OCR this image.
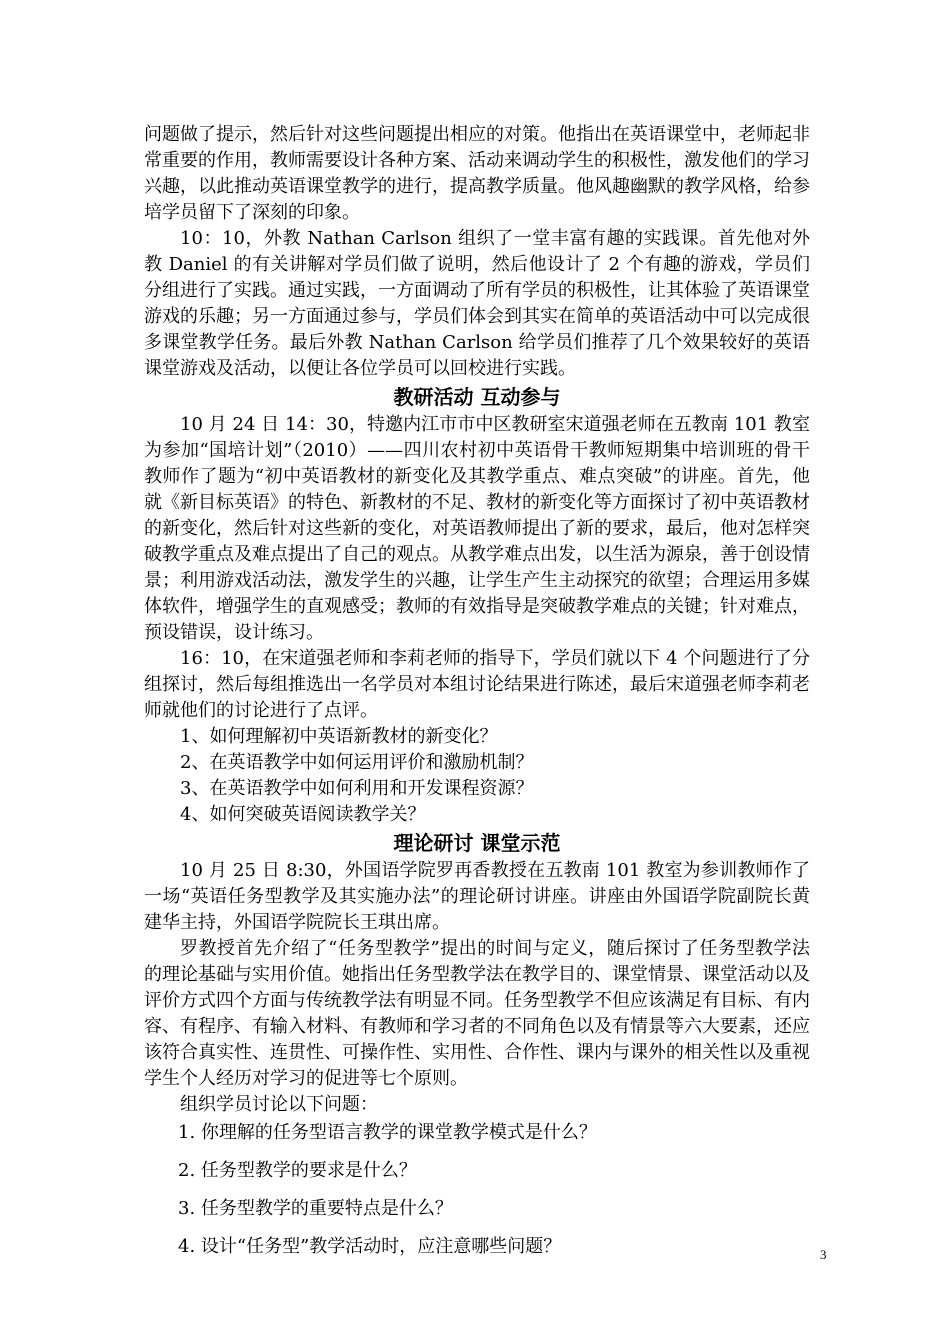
问题做了提示，然后针对这些问题提出相应的对策。他指出在英语课堂中，老师起非常重要的作用，教师需要设计各种方案、活动来调动学生的积极性，激发他们的学习兴趣，以此推动英语课堂教学的进行，提高教学质量。他风趣幽默的教学风格，给参培学员留下了深刻的印象。

10：10，外教 Nathan Carlson 组织了一堂丰富有趣的实践课。首先他对外教 Daniel 的有关讲解对学员们做了说明，然后他设计了 2 个有趣的游戏，学员们分组进行了实践。通过实践，一方面调动了所有学员的积极性，让其体验了英语课堂游戏的乐趣；另一方面通过参与，学员们体会到其实在简单的英语活动中可以完成很多课堂教学任务。最后外教 Nathan Carlson 给学员们推荐了几个效果较好的英语课堂游戏及活动，以便让各位学员可以回校进行实践。

教研活动 互动参与

10 月 24 日 14：30，特邀内江市市中区教研室宋道强老师在五教南 101 教室为参加“国培计划”（2010）——四川农村初中英语骨干教师短期集中培训班的骨干教师作了题为“初中英语教材的新变化及其教学重点、难点突破”的讲座。首先，他就《新目标英语》的特色、新教材的不足、教材的新变化等方面探讨了初中英语教材的新变化，然后针对这些新的变化，对英语教师提出了新的要求，最后，他对怎样突破教学重点及难点提出了自己的观点。从教学难点出发，以生活为源泉，善于创设情景；利用游戏活动法，激发学生的兴趣，让学生产生主动探究的欲望；合理运用多媒体软件，增强学生的直观感受；教师的有效指导是突破教学难点的关键；针对难点，预设错误，设计练习。

16：10，在宋道强老师和李莉老师的指导下，学员们就以下 4 个问题进行了分组探讨，然后每组推选出一名学员对本组讨论结果进行陈述，最后宋道强老师李莉老师就他们的讨论进行了点评。

1、如何理解初中英语新教材的新变化？
2、在英语教学中如何运用评价和激励机制？
3、在英语教学中如何利用和开发课程资源？
4、如何突破英语阅读教学关？
理论研讨 课堂示范

10 月 25 日 8:30，外国语学院罗再香教授在五教南 101 教室为参训教师作了一场“英语任务型教学及其实施办法”的理论研讨讲座。讲座由外国语学院副院长黄建华主持，外国语学院院长王琪出席。

罗教授首先介绍了“任务型教学”提出的时间与定义，随后探讨了任务型教学法的理论基础与实用价值。她指出任务型教学法在教学目的、课堂情景、课堂活动以及评价方式四个方面与传统教学法有明显不同。任务型教学不但应该满足有目标、有内容、有程序、有输入材料、有教师和学习者的不同角色以及有情景等六大要素，还应该符合真实性、连贯性、可操作性、实用性、合作性、课内与课外的相关性以及重视学生个人经历对学习的促进等七个原则。

组织学员讨论以下问题：

1. 你理解的任务型语言教学的课堂教学模式是什么？
2. 任务型教学的要求是什么？
3. 任务型教学的重要特点是什么？
4. 设计“任务型”教学活动时，应注意哪些问题？	3
